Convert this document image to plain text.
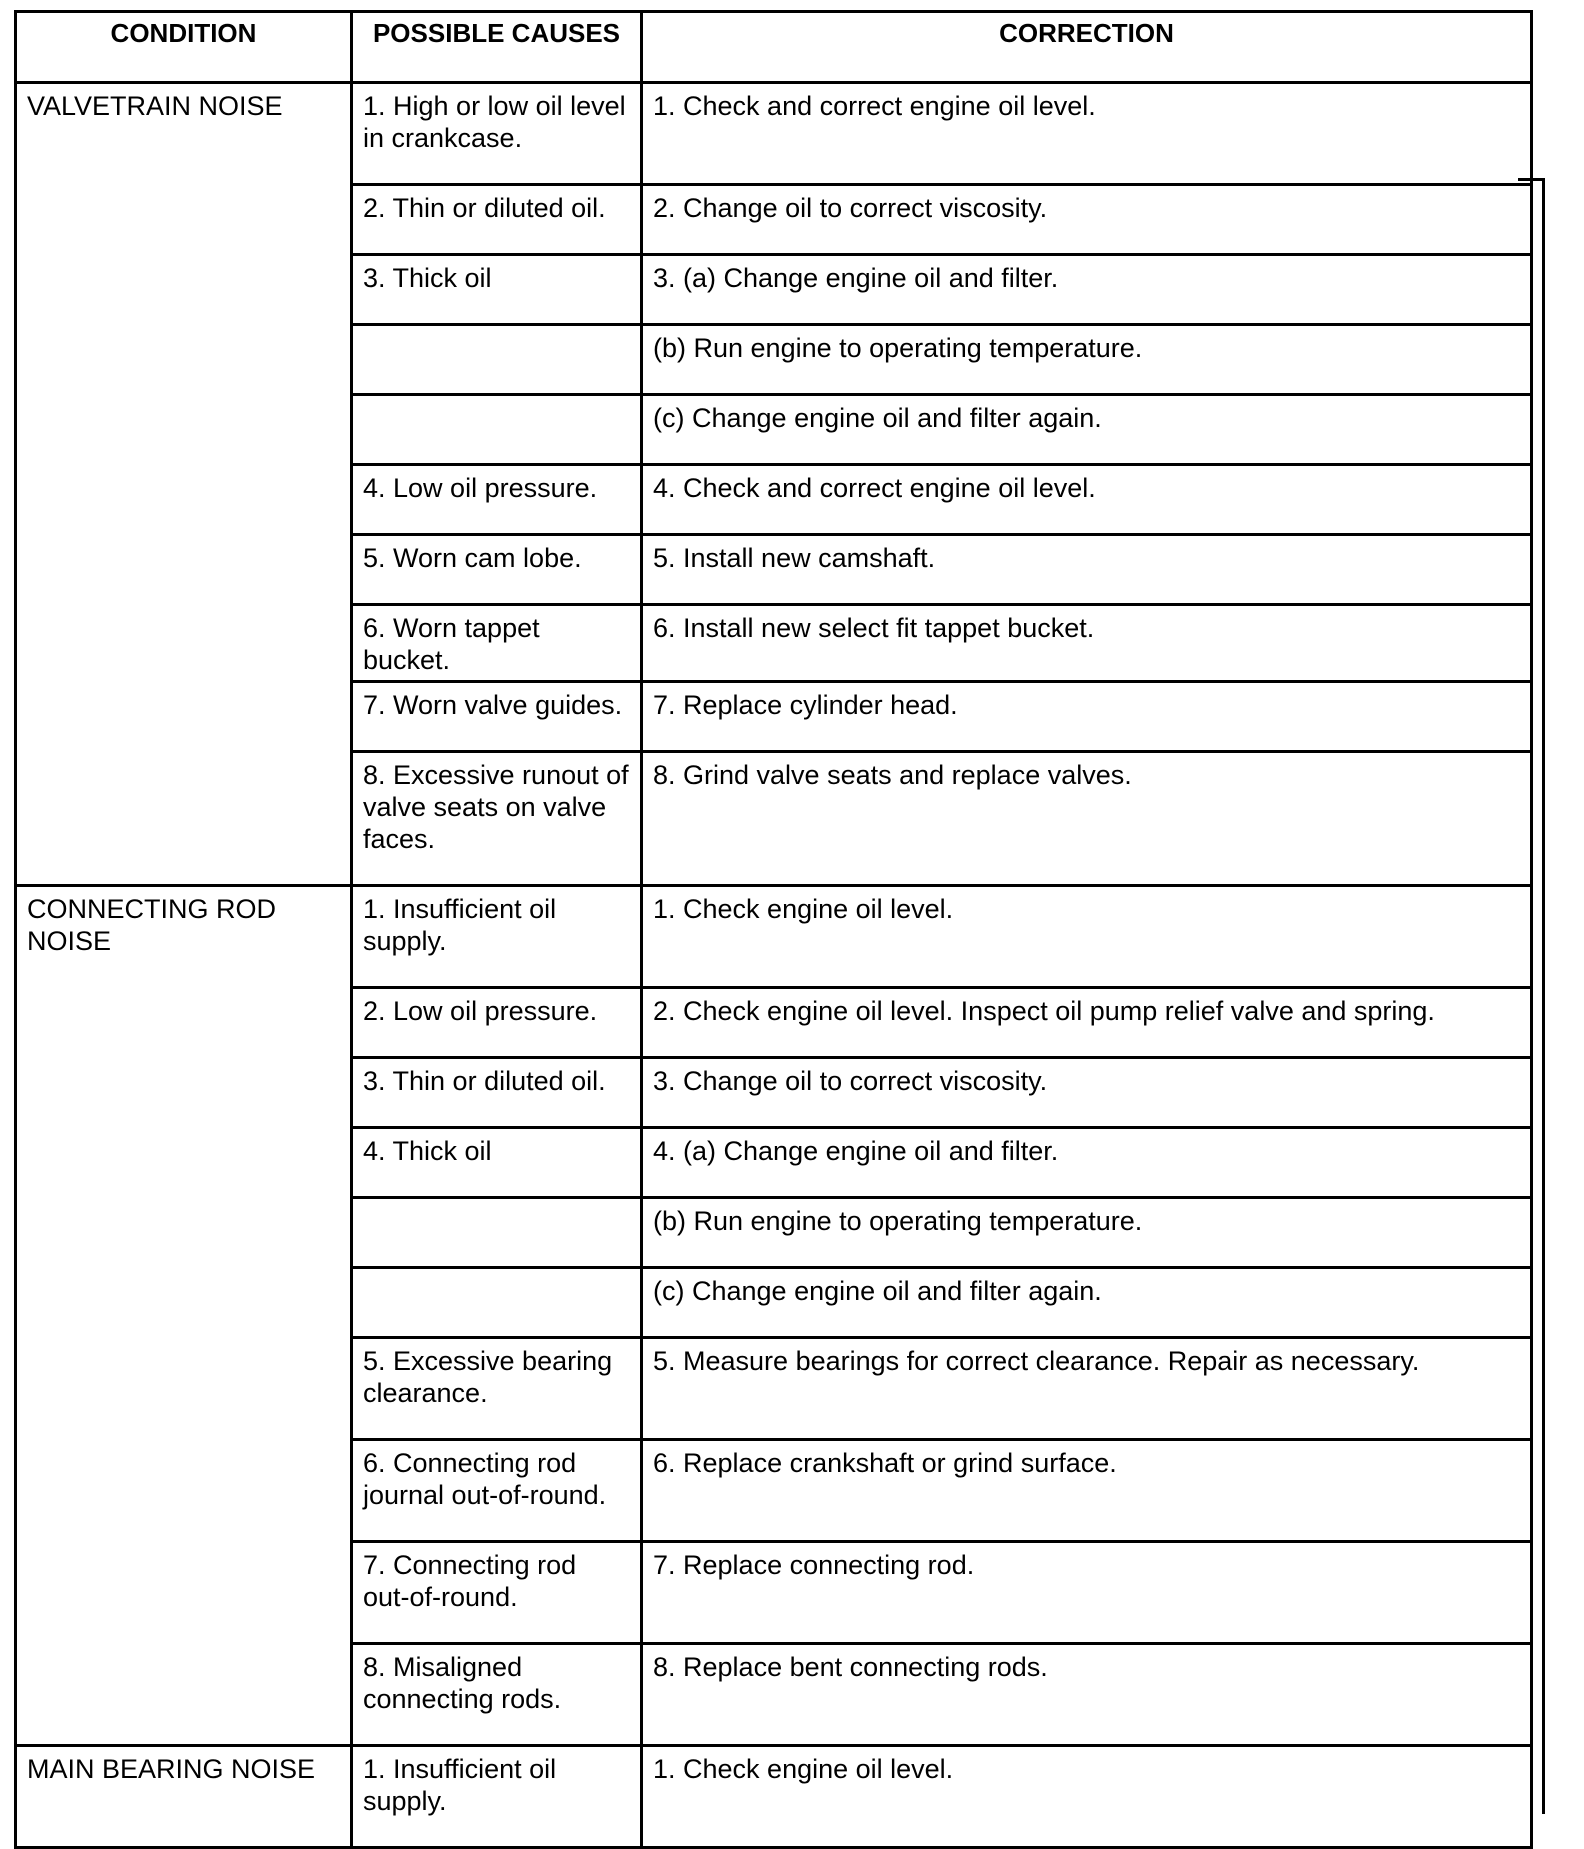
CONDITION	POSSIBLE CAUSES	CORRECTION
VALVETRAIN NOISE	1. High or low oil level in crankcase.	1. Check and correct engine oil level.
	2. Thin or diluted oil.	2. Change oil to correct viscosity.
	3. Thick oil	3. (a) Change engine oil and filter.
		(b) Run engine to operating temperature.
		(c) Change engine oil and filter again.
	4. Low oil pressure.	4. Check and correct engine oil level.
	5. Worn cam lobe.	5. Install new camshaft.
	6. Worn tappet bucket.	6. Install new select fit tappet bucket.
	7. Worn valve guides.	7. Replace cylinder head.
	8. Excessive runout of valve seats on valve faces.	8. Grind valve seats and replace valves.
CONNECTING ROD NOISE	1. Insufficient oil supply.	1. Check engine oil level.
	2. Low oil pressure.	2. Check engine oil level. Inspect oil pump relief valve and spring.
	3. Thin or diluted oil.	3. Change oil to correct viscosity.
	4. Thick oil	4. (a) Change engine oil and filter.
		(b) Run engine to operating temperature.
		(c) Change engine oil and filter again.
	5. Excessive bearing clearance.	5. Measure bearings for correct clearance. Repair as necessary.
	6. Connecting rod journal out-of-round.	6. Replace crankshaft or grind surface.
	7. Connecting rod out-of-round.	7. Replace connecting rod.
	8. Misaligned connecting rods.	8. Replace bent connecting rods.
MAIN BEARING NOISE	1. Insufficient oil supply.	1. Check engine oil level.
